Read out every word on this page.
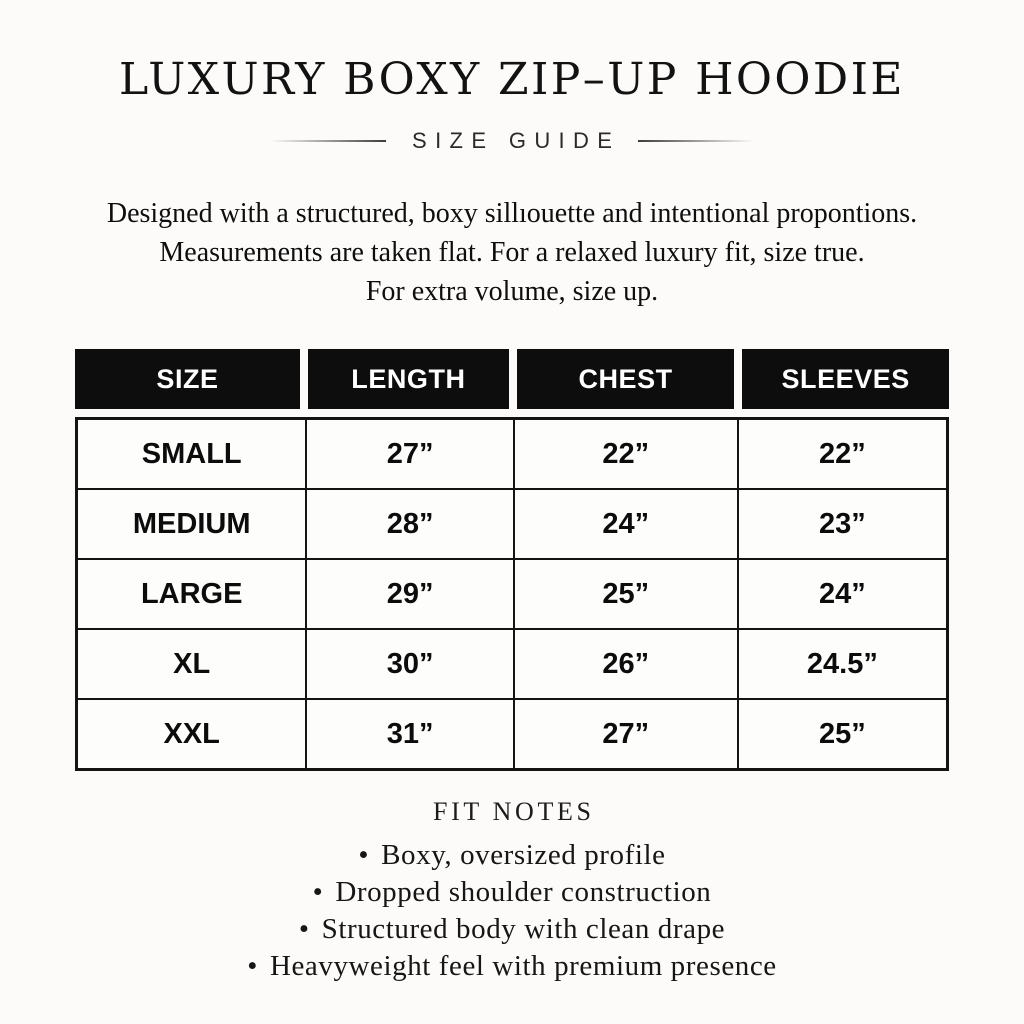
LUXURY BOXY ZIP–UP HOODIE
SIZE GUIDE

Designed with a structured, boxy sillıouette and intentional propontions.

Measurements are taken flat. For a relaxed luxury fit, size true.

For extra volume, size up.

SIZE	LENGTH	CHEST	SLEEVES
SMALL	27”	22”	22”
MEDIUM	28”	24”	23”
LARGE	29”	25”	24”
XL	30”	26”	24.5”
XXL	31”	27”	25”
FIT NOTES
• Boxy, oversized profile
• Dropped shoulder construction
• Structured body with clean drape
• Heavyweight feel with premium presence
